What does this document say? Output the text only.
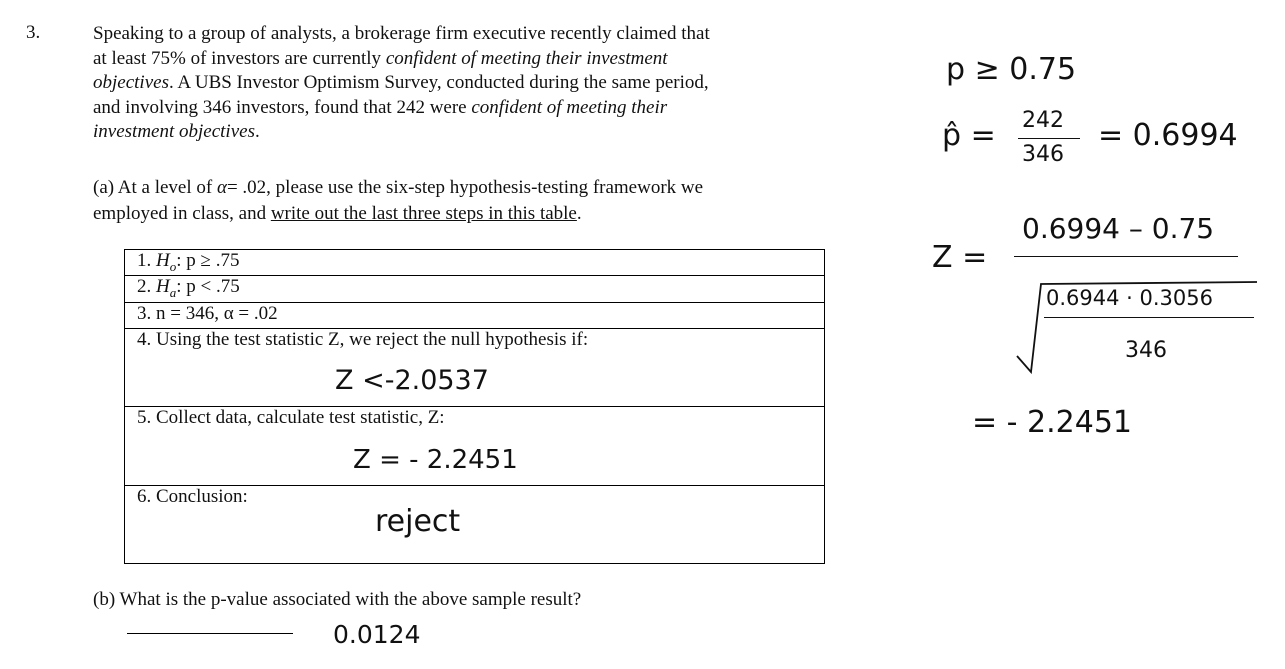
3.	Speaking to a group of analysts, a brokerage firm executive recently claimed that
at least 75% of investors are currently confident of meeting their investment
objectives. A UBS Investor Optimism Survey, conducted during the same period,
and involving 346 investors, found that 242 were confident of meeting their
investment objectives.
(a) At a level of α= .02, please use the six-step hypothesis-testing framework we
employed in class, and write out the last three steps in this table.
1. $H_o$: p ≥ .75
2. $H_a$: p < .75
3. n = 346, α = .02
4. Using the test statistic Z, we reject the null hypothesis if:
Z <-2.0537
5. Collect data, calculate test statistic, Z:
Z = - 2.2451
6. Conclusion:
reject
(b) What is the p-value associated with the above sample result?
0.0124
p ≥ 0.75
p̂ = 242
346
= 0.6994
Z =
0.6994 – 0.75
0.6944 · 0.3056
346
= - 2.2451
